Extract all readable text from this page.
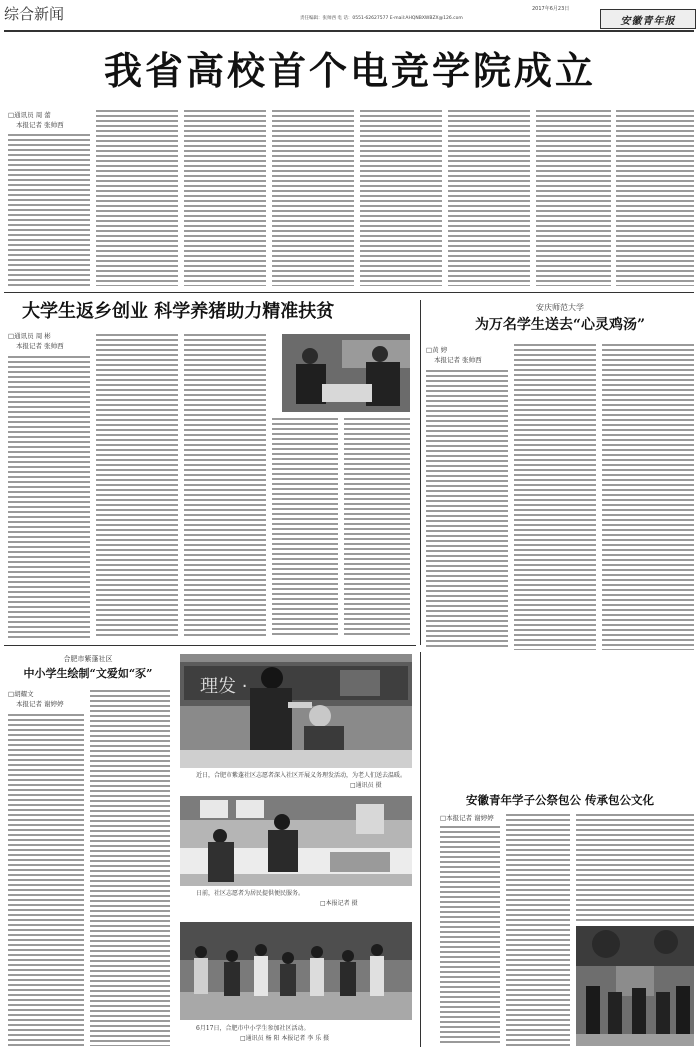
综合新闻	2017年6月23日
责任编辑：张帅西 电 话：0551-62627577 E-mail:AHQNBXWBZX@126.com	安徽青年报
我省高校首个电竞学院成立
□通讯员 周 蕾
本报记者 张帅西
大学生返乡创业 科学养猪助力精准扶贫
□通讯员 周 彬
本报记者 张帅西
安庆师范大学
为万名学生送去“心灵鸡汤”
□黄 婷
本报记者 张帅西
合肥市紫蓬社区
中小学生绘制“文爱如“豕”
□胡耀文
本报记者 谢婷婷
理发 ·
近日，合肥市紫蓬社区志愿者深入社区开展义务理发活动，为老人们送去温暖。
□通讯员 摄
日前，社区志愿者为居民提供便民服务。
□本报记者 摄
6月17日，合肥市中小学生参加社区活动。
□通讯员 杨 阳 本报记者 李 乐 摄
安徽青年学子公祭包公 传承包公文化
□本报记者 谢婷婷
